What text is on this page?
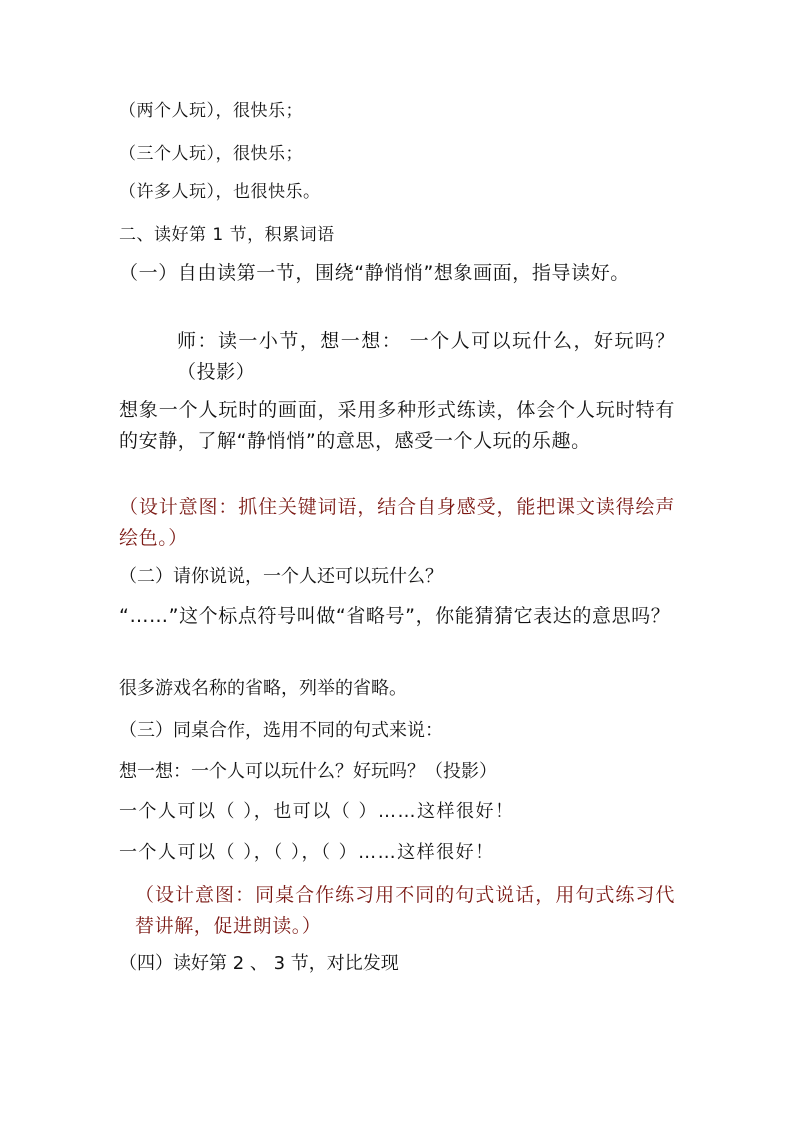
（两个人玩），很快乐；
（三个人玩），很快乐；
（许多人玩），也很快乐。
二、读好第 1 节，积累词语
（一）自由读第一节，围绕“静悄悄”想象画面，指导读好。
师：读一小节，想一想： 一个人可以玩什么，好玩吗？（投影）
想象一个人玩时的画面，采用多种形式练读，体会个人玩时特有的安静，了解“静悄悄”的意思，感受一个人玩的乐趣。
（设计意图：抓住关键词语，结合自身感受，能把课文读得绘声绘色。）
（二）请你说说，一个人还可以玩什么？
“……”这个标点符号叫做“省略号”，你能猜猜它表达的意思吗？
很多游戏名称的省略，列举的省略。
（三）同桌合作，选用不同的句式来说：
想一想：一个人可以玩什么？好玩吗？（投影）
一个人可以（ ），也可以（ ）……这样很好！
一个人可以（ ），（ ），（ ）……这样很好！
（设计意图：同桌合作练习用不同的句式说话，用句式练习代替讲解，促进朗读。）
（四）读好第 2 、 3 节，对比发现
